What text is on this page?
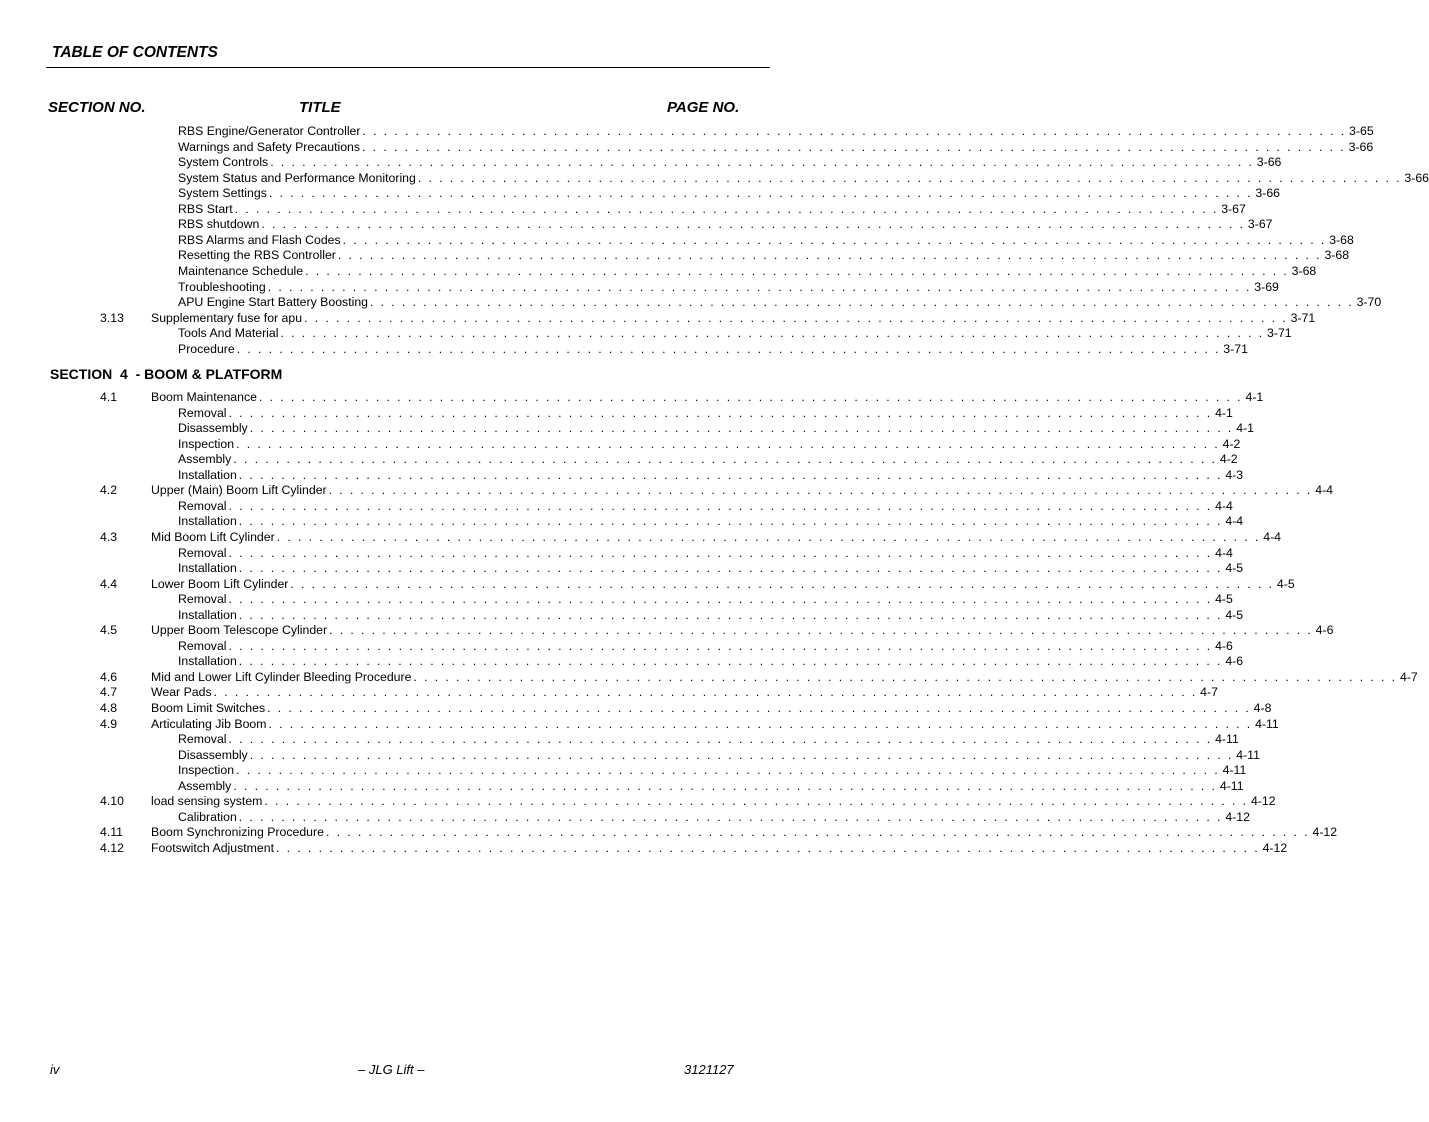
TABLE OF CONTENTS
SECTION NO.	TITLE	PAGE NO.
RBS Engine/Generator Controller . . . . . . . . . . . . . . . . . . . . . . . . . . . . . . . . . . . . . . . . . . . . . . . . . . . . . . . . . . . . . . . . . . . . . . . . . . . . . . . . . . . . . . . . . . . . . 3-65
Warnings and Safety Precautions . . . . . . . . . . . . . . . . . . . . . . . . . . . . . . . . . . . . . . . . . . . . . . . . . . . . . . . . . . . . . . . . . . . . . . . . . . . . . . . . . . . . . . . . . . . . . 3-66
System Controls . . . . . . . . . . . . . . . . . . . . . . . . . . . . . . . . . . . . . . . . . . . . . . . . . . . . . . . . . . . . . . . . . . . . . . . . . . . . . . . . . . . . . . . . . . . . . 3-66
System Status and Performance Monitoring . . . . . . . . . . . . . . . . . . . . . . . . . . . . . . . . . . . . . . . . . . . . . . . . . . . . . . . . . . . . . . . . . . . . . . . . . . . . . . . . . . . . . . . . . . . . . 3-66
System Settings . . . . . . . . . . . . . . . . . . . . . . . . . . . . . . . . . . . . . . . . . . . . . . . . . . . . . . . . . . . . . . . . . . . . . . . . . . . . . . . . . . . . . . . . . . . . . 3-66
RBS Start . . . . . . . . . . . . . . . . . . . . . . . . . . . . . . . . . . . . . . . . . . . . . . . . . . . . . . . . . . . . . . . . . . . . . . . . . . . . . . . . . . . . . . . . . . . . . 3-67
RBS shutdown . . . . . . . . . . . . . . . . . . . . . . . . . . . . . . . . . . . . . . . . . . . . . . . . . . . . . . . . . . . . . . . . . . . . . . . . . . . . . . . . . . . . . . . . . . . . . 3-67
RBS Alarms and Flash Codes . . . . . . . . . . . . . . . . . . . . . . . . . . . . . . . . . . . . . . . . . . . . . . . . . . . . . . . . . . . . . . . . . . . . . . . . . . . . . . . . . . . . . . . . . . . . . 3-68
Resetting the RBS Controller . . . . . . . . . . . . . . . . . . . . . . . . . . . . . . . . . . . . . . . . . . . . . . . . . . . . . . . . . . . . . . . . . . . . . . . . . . . . . . . . . . . . . . . . . . . . . 3-68
Maintenance Schedule . . . . . . . . . . . . . . . . . . . . . . . . . . . . . . . . . . . . . . . . . . . . . . . . . . . . . . . . . . . . . . . . . . . . . . . . . . . . . . . . . . . . . . . . . . . . . 3-68
Troubleshooting . . . . . . . . . . . . . . . . . . . . . . . . . . . . . . . . . . . . . . . . . . . . . . . . . . . . . . . . . . . . . . . . . . . . . . . . . . . . . . . . . . . . . . . . . . . . . 3-69
APU Engine Start Battery Boosting . . . . . . . . . . . . . . . . . . . . . . . . . . . . . . . . . . . . . . . . . . . . . . . . . . . . . . . . . . . . . . . . . . . . . . . . . . . . . . . . . . . . . . . . . . . . . 3-70
3.13	Supplementary fuse for apu . . . . . . . . . . . . . . . . . . . . . . . . . . . . . . . . . . . . . . . . . . . . . . . . . . . . . . . . . . . . . . . . . . . . . . . . . . . . . . . . . . . . . . . . . . . . . 3-71
Tools And Material . . . . . . . . . . . . . . . . . . . . . . . . . . . . . . . . . . . . . . . . . . . . . . . . . . . . . . . . . . . . . . . . . . . . . . . . . . . . . . . . . . . . . . . . . . . . . 3-71
Procedure . . . . . . . . . . . . . . . . . . . . . . . . . . . . . . . . . . . . . . . . . . . . . . . . . . . . . . . . . . . . . . . . . . . . . . . . . . . . . . . . . . . . . . . . . . . . . 3-71
SECTION  4  - BOOM & PLATFORM
4.1	Boom Maintenance . . . . . . . . . . . . . . . . . . . . . . . . . . . . . . . . . . . . . . . . . . . . . . . . . . . . . . . . . . . . . . . . . . . . . . . . . . . . . . . . . . . . . . . . . . . . . 4-1
Removal . . . . . . . . . . . . . . . . . . . . . . . . . . . . . . . . . . . . . . . . . . . . . . . . . . . . . . . . . . . . . . . . . . . . . . . . . . . . . . . . . . . . . . . . . . . . . 4-1
Disassembly . . . . . . . . . . . . . . . . . . . . . . . . . . . . . . . . . . . . . . . . . . . . . . . . . . . . . . . . . . . . . . . . . . . . . . . . . . . . . . . . . . . . . . . . . . . . . 4-1
Inspection . . . . . . . . . . . . . . . . . . . . . . . . . . . . . . . . . . . . . . . . . . . . . . . . . . . . . . . . . . . . . . . . . . . . . . . . . . . . . . . . . . . . . . . . . . . . . 4-2
Assembly . . . . . . . . . . . . . . . . . . . . . . . . . . . . . . . . . . . . . . . . . . . . . . . . . . . . . . . . . . . . . . . . . . . . . . . . . . . . . . . . . . . . . . . . . . . . . 4-2
Installation . . . . . . . . . . . . . . . . . . . . . . . . . . . . . . . . . . . . . . . . . . . . . . . . . . . . . . . . . . . . . . . . . . . . . . . . . . . . . . . . . . . . . . . . . . . . . 4-3
4.2	Upper (Main) Boom Lift Cylinder . . . . . . . . . . . . . . . . . . . . . . . . . . . . . . . . . . . . . . . . . . . . . . . . . . . . . . . . . . . . . . . . . . . . . . . . . . . . . . . . . . . . . . . . . . . . . 4-4
Removal . . . . . . . . . . . . . . . . . . . . . . . . . . . . . . . . . . . . . . . . . . . . . . . . . . . . . . . . . . . . . . . . . . . . . . . . . . . . . . . . . . . . . . . . . . . . . 4-4
Installation . . . . . . . . . . . . . . . . . . . . . . . . . . . . . . . . . . . . . . . . . . . . . . . . . . . . . . . . . . . . . . . . . . . . . . . . . . . . . . . . . . . . . . . . . . . . . 4-4
4.3	Mid Boom Lift Cylinder . . . . . . . . . . . . . . . . . . . . . . . . . . . . . . . . . . . . . . . . . . . . . . . . . . . . . . . . . . . . . . . . . . . . . . . . . . . . . . . . . . . . . . . . . . . . . 4-4
Removal . . . . . . . . . . . . . . . . . . . . . . . . . . . . . . . . . . . . . . . . . . . . . . . . . . . . . . . . . . . . . . . . . . . . . . . . . . . . . . . . . . . . . . . . . . . . . 4-4
Installation . . . . . . . . . . . . . . . . . . . . . . . . . . . . . . . . . . . . . . . . . . . . . . . . . . . . . . . . . . . . . . . . . . . . . . . . . . . . . . . . . . . . . . . . . . . . . 4-5
4.4	Lower Boom Lift Cylinder . . . . . . . . . . . . . . . . . . . . . . . . . . . . . . . . . . . . . . . . . . . . . . . . . . . . . . . . . . . . . . . . . . . . . . . . . . . . . . . . . . . . . . . . . . . . . 4-5
Removal . . . . . . . . . . . . . . . . . . . . . . . . . . . . . . . . . . . . . . . . . . . . . . . . . . . . . . . . . . . . . . . . . . . . . . . . . . . . . . . . . . . . . . . . . . . . . 4-5
Installation . . . . . . . . . . . . . . . . . . . . . . . . . . . . . . . . . . . . . . . . . . . . . . . . . . . . . . . . . . . . . . . . . . . . . . . . . . . . . . . . . . . . . . . . . . . . . 4-5
4.5	Upper Boom Telescope Cylinder . . . . . . . . . . . . . . . . . . . . . . . . . . . . . . . . . . . . . . . . . . . . . . . . . . . . . . . . . . . . . . . . . . . . . . . . . . . . . . . . . . . . . . . . . . . . . 4-6
Removal . . . . . . . . . . . . . . . . . . . . . . . . . . . . . . . . . . . . . . . . . . . . . . . . . . . . . . . . . . . . . . . . . . . . . . . . . . . . . . . . . . . . . . . . . . . . . 4-6
Installation . . . . . . . . . . . . . . . . . . . . . . . . . . . . . . . . . . . . . . . . . . . . . . . . . . . . . . . . . . . . . . . . . . . . . . . . . . . . . . . . . . . . . . . . . . . . . 4-6
4.6	Mid and Lower Lift Cylinder Bleeding Procedure . . . . . . . . . . . . . . . . . . . . . . . . . . . . . . . . . . . . . . . . . . . . . . . . . . . . . . . . . . . . . . . . . . . . . . . . . . . . . . . . . . . . . . . . . . . . . 4-7
4.7	Wear Pads . . . . . . . . . . . . . . . . . . . . . . . . . . . . . . . . . . . . . . . . . . . . . . . . . . . . . . . . . . . . . . . . . . . . . . . . . . . . . . . . . . . . . . . . . . . . . 4-7
4.8	Boom Limit Switches . . . . . . . . . . . . . . . . . . . . . . . . . . . . . . . . . . . . . . . . . . . . . . . . . . . . . . . . . . . . . . . . . . . . . . . . . . . . . . . . . . . . . . . . . . . . . 4-8
4.9	Articulating Jib Boom . . . . . . . . . . . . . . . . . . . . . . . . . . . . . . . . . . . . . . . . . . . . . . . . . . . . . . . . . . . . . . . . . . . . . . . . . . . . . . . . . . . . . . . . . . . . . 4-11
Removal . . . . . . . . . . . . . . . . . . . . . . . . . . . . . . . . . . . . . . . . . . . . . . . . . . . . . . . . . . . . . . . . . . . . . . . . . . . . . . . . . . . . . . . . . . . . . 4-11
Disassembly . . . . . . . . . . . . . . . . . . . . . . . . . . . . . . . . . . . . . . . . . . . . . . . . . . . . . . . . . . . . . . . . . . . . . . . . . . . . . . . . . . . . . . . . . . . . . 4-11
Inspection . . . . . . . . . . . . . . . . . . . . . . . . . . . . . . . . . . . . . . . . . . . . . . . . . . . . . . . . . . . . . . . . . . . . . . . . . . . . . . . . . . . . . . . . . . . . . 4-11
Assembly . . . . . . . . . . . . . . . . . . . . . . . . . . . . . . . . . . . . . . . . . . . . . . . . . . . . . . . . . . . . . . . . . . . . . . . . . . . . . . . . . . . . . . . . . . . . . 4-11
4.10	load sensing system . . . . . . . . . . . . . . . . . . . . . . . . . . . . . . . . . . . . . . . . . . . . . . . . . . . . . . . . . . . . . . . . . . . . . . . . . . . . . . . . . . . . . . . . . . . . . 4-12
Calibration . . . . . . . . . . . . . . . . . . . . . . . . . . . . . . . . . . . . . . . . . . . . . . . . . . . . . . . . . . . . . . . . . . . . . . . . . . . . . . . . . . . . . . . . . . . . . 4-12
4.11	Boom Synchronizing Procedure . . . . . . . . . . . . . . . . . . . . . . . . . . . . . . . . . . . . . . . . . . . . . . . . . . . . . . . . . . . . . . . . . . . . . . . . . . . . . . . . . . . . . . . . . . . . . 4-12
4.12	Footswitch Adjustment . . . . . . . . . . . . . . . . . . . . . . . . . . . . . . . . . . . . . . . . . . . . . . . . . . . . . . . . . . . . . . . . . . . . . . . . . . . . . . . . . . . . . . . . . . . . . 4-12
iv	– JLG Lift –	3121127
